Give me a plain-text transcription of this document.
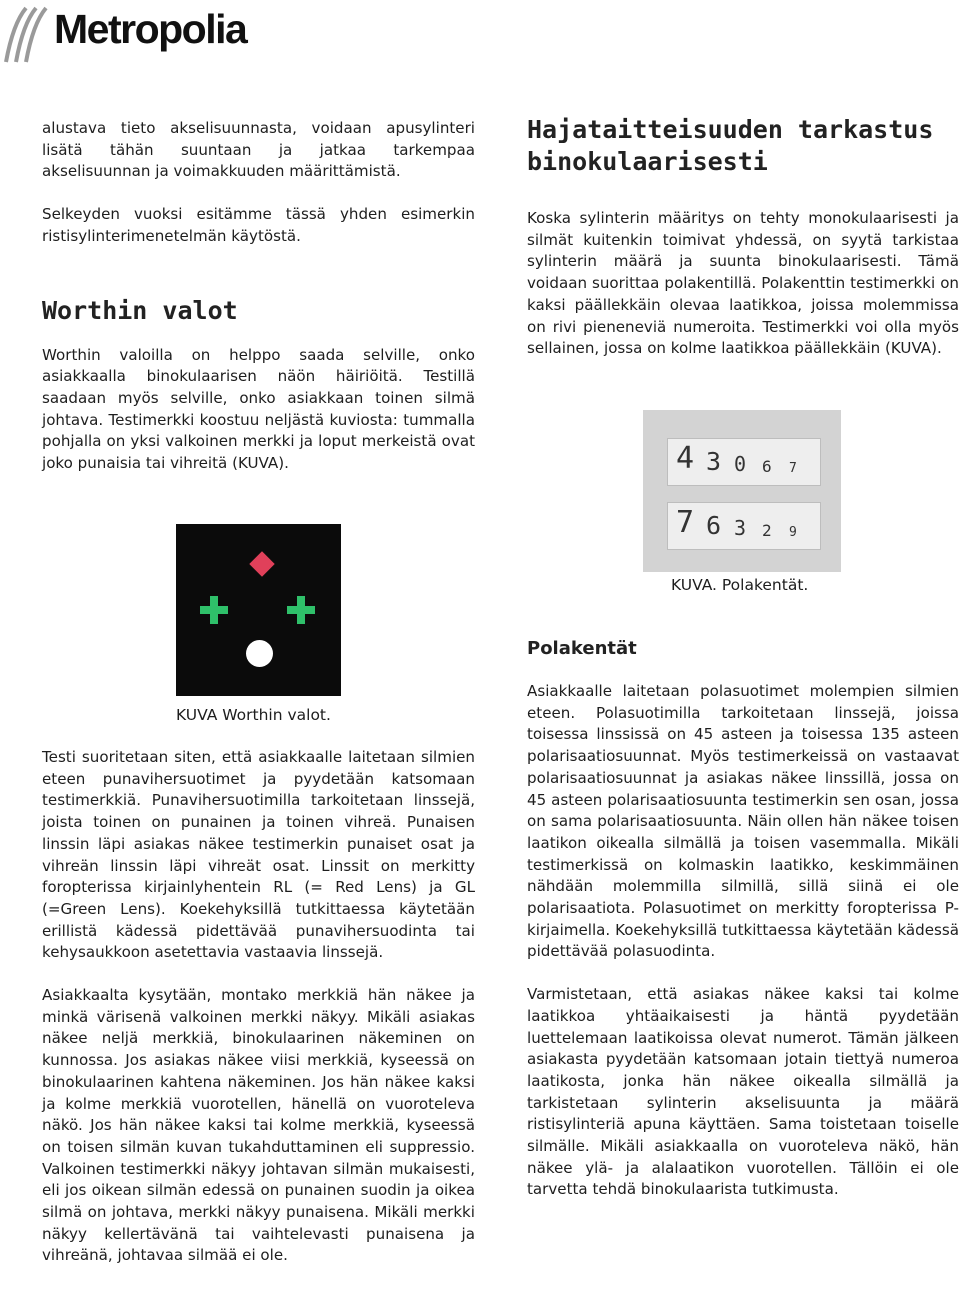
Metropolia

alustava tieto akselisuunnasta, voidaan apusylinteri lisätä tähän suuntaan ja jatkaa tarkempaa akselisuunnan ja voimakkuuden määrittämistä.

Selkeyden vuoksi esitämme tässä yhden esimerkin ristisylinterimenetelmän käytöstä.

Worthin valot

Worthin valoilla on helppo saada selville, onko asiakkaalla binokulaarisen näön häiriöitä. Testillä saadaan myös selville, onko asiakkaan toinen silmä johtava. Testimerkki koostuu neljästä kuviosta: tummalla pohjalla on yksi valkoinen merkki ja loput merkeistä ovat joko punaisia tai vihreitä (KUVA).

KUVA Worthin valot.

Testi suoritetaan siten, että asiakkaalle laitetaan silmien eteen punavihersuotimet ja pyydetään katsomaan testimerkkiä. Punavihersuotimilla tarkoitetaan linssejä, joista toinen on punainen ja toinen vihreä. Punaisen linssin läpi asiakas näkee testimerkin punaiset osat ja vihreän linssin läpi vihreät osat. Linssit on merkitty foropterissa kirjainlyhentein RL (= Red Lens) ja GL (=Green Lens). Koekehyksillä tutkittaessa käytetään erillistä kädessä pidettävää punavihersuodinta tai kehysaukkoon asetettavia vastaavia linssejä.

Asiakkaalta kysytään, montako merkkiä hän näkee ja minkä värisenä valkoinen merkki näkyy. Mikäli asiakas näkee neljä merkkiä, binokulaarinen näkeminen on kunnossa. Jos asiakas näkee viisi merkkiä, kyseessä on binokulaarinen kahtena näkeminen. Jos hän näkee kaksi ja kolme merkkiä vuorotellen, hänellä on vuoroteleva näkö. Jos hän näkee kaksi tai kolme merkkiä, kyseessä on toisen silmän kuvan tukahduttaminen eli suppressio. Valkoinen testimerkki näkyy johtavan silmän mukaisesti, eli jos oikean silmän edessä on punainen suodin ja oikea silmä on johtava, merkki näkyy punaisena. Mikäli merkki näkyy kellertävänä tai vaihtelevasti punaisena ja vihreänä, johtavaa silmää ei ole.

Hajataitteisuuden tarkastus binokulaarisesti

Koska sylinterin määritys on tehty monokulaarisesti ja silmät kuitenkin toimivat yhdessä, on syytä tarkistaa sylinterin määrä ja suunta binokulaarisesti. Tämä voidaan suorittaa polakentillä. Polakenttin testimerkki on kaksi päällekkäin olevaa laatikkoa, joissa molemmissa on rivi pieneneviä numeroita. Testimerkki voi olla myös sellainen, jossa on kolme laatikkoa päällekkäin (KUVA).

4 3 0 6 7
7 6 3 2 9
KUVA. Polakentät.
Polakentät

Asiakkaalle laitetaan polasuotimet molempien silmien eteen. Polasuotimilla tarkoitetaan linssejä, joissa toisessa linssissä on 45 asteen ja toisessa 135 asteen polarisaatiosuunnat. Myös testimerkeissä on vastaavat polarisaatiosuunnat ja asiakas näkee linssillä, jossa on 45 asteen polarisaatiosuunta testimerkin sen osan, jossa on sama polarisaatiosuunta. Näin ollen hän näkee toisen laatikon oikealla silmällä ja toisen vasemmalla. Mikäli testimerkissä on kolmaskin laatikko, keskimmäinen nähdään molemmilla silmillä, sillä siinä ei ole polarisaatiota. Polasuotimet on merkitty foropterissa P-kirjaimella. Koekehyksillä tutkittaessa käytetään kädessä pidettävää polasuodinta.

Varmistetaan, että asiakas näkee kaksi tai kolme laatikkoa yhtäaikaisesti ja häntä pyydetään luettelemaan laatikoissa olevat numerot. Tämän jälkeen asiakasta pyydetään katsomaan jotain tiettyä numeroa laatikosta, jonka hän näkee oikealla silmällä ja tarkistetaan sylinterin akselisuunta ja määrä ristisylinteriä apuna käyttäen. Sama toistetaan toiselle silmälle. Mikäli asiakkaalla on vuoroteleva näkö, hän näkee ylä- ja alalaatikon vuorotellen. Tällöin ei ole tarvetta tehdä binokulaarista tutkimusta.
